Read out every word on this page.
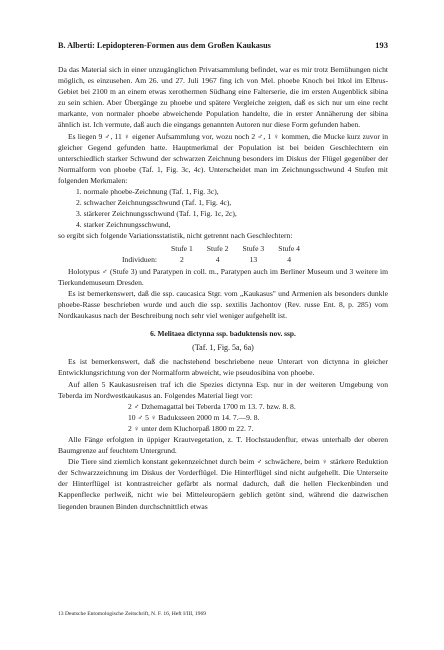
B. Alberti: Lepidopteren-Formen aus dem Großen Kaukasus	193

Da das Material sich in einer unzugänglichen Privatsammlung befindet, war es mir trotz Bemühungen nicht möglich, es einzusehen. Am 26. und 27. Juli 1967 fing ich von Mel. phoebe Knoch bei Itkol im Elbrus-Gebiet bei 2100 m an einem etwas xerothermen Südhang eine Falterserie, die im ersten Augenblick sibina zu sein schien. Aber Übergänge zu phoebe und spätere Vergleiche zeigten, daß es sich nur um eine recht markante, von normaler phoebe abweichende Population handelte, die in erster Annäherung der sibina ähnlich ist. Ich vermute, daß auch die eingangs genannten Autoren nur diese Form gefunden haben.

Es liegen 9 ♂, 11 ♀ eigener Aufsammlung vor, wozu noch 2 ♂, 1 ♀ kommen, die Mucke kurz zuvor in gleicher Gegend gefunden hatte. Hauptmerkmal der Population ist bei beiden Geschlechtern ein unterschiedlich starker Schwund der schwarzen Zeichnung besonders im Diskus der Flügel gegenüber der Normalform von phoebe (Taf. 1, Fig. 3c, 4c). Unterscheidet man im Zeichnungsschwund 4 Stufen mit folgenden Merkmalen:

1. normale phoebe-Zeichnung (Taf. 1, Fig. 3c),
2. schwacher Zeichnungsschwund (Taf. 1, Fig. 4c),
3. stärkerer Zeichnungsschwund (Taf. 1, Fig. 1c, 2c),
4. starker Zeichnungsschwund,

so ergibt sich folgende Variationsstatistik, nicht getrennt nach Geschlechtern:

	Stufe 1	Stufe 2	Stufe 3	Stufe 4
Individuen:	2	4	13	4

Holotypus ♂ (Stufe 3) und Paratypen in coll. m., Paratypen auch im Berliner Museum und 3 weitere im Tierkundemuseum Dresden.

Es ist bemerkenswert, daß die ssp. caucasica Stgr. vom „Kaukasus" und Armenien als besonders dunkle phoebe-Rasse beschrieben wurde und auch die ssp. sextilis Jachontov (Rev. russe Ent. 8, p. 285) vom Nordkaukasus nach der Beschreibung noch sehr viel weniger aufgehellt ist.

6. Melitaea dictynna ssp. baduktensis nov. ssp.
(Taf. 1, Fig. 5a, 6a)

Es ist bemerkenswert, daß die nachstehend beschriebene neue Unterart von dictynna in gleicher Entwicklungsrichtung von der Normalform abweicht, wie pseudosibina von phoebe.

Auf allen 5 Kaukasusreisen traf ich die Spezies dictynna Esp. nur in der weiteren Umgebung von Teberda im Nordwestkaukasus an. Folgendes Material liegt vor:

2 ♂ Dzhemagattal bei Teberda 1700 m 13. 7. bzw. 8. 8.
10 ♂ 5 ♀ Baduksseen 2000 m 14. 7.—9. 8.
2 ♀ unter dem Kluchorpaß 1800 m 22. 7.

Alle Fänge erfolgten in üppiger Krautvegetation, z. T. Hochstaudenflur, etwas unterhalb der oberen Baumgrenze auf feuchtem Untergrund.

Die Tiere sind ziemlich konstant gekennzeichnet durch beim ♂ schwächere, beim ♀ stärkere Reduktion der Schwarzzeichnung im Diskus der Vorderflügel. Die Hinterflügel sind nicht aufgehellt. Die Unterseite der Hinterflügel ist kontrastreicher gefärbt als normal dadurch, daß die hellen Fleckenbinden und Kappenflecke perlweiß, nicht wie bei Mitteleuropäern geblich getönt sind, während die dazwischen liegenden braunen Binden durchschnittlich etwas

13 Deutsche Entomologische Zeitschrift, N. F. 16, Heft I/III, 1969
